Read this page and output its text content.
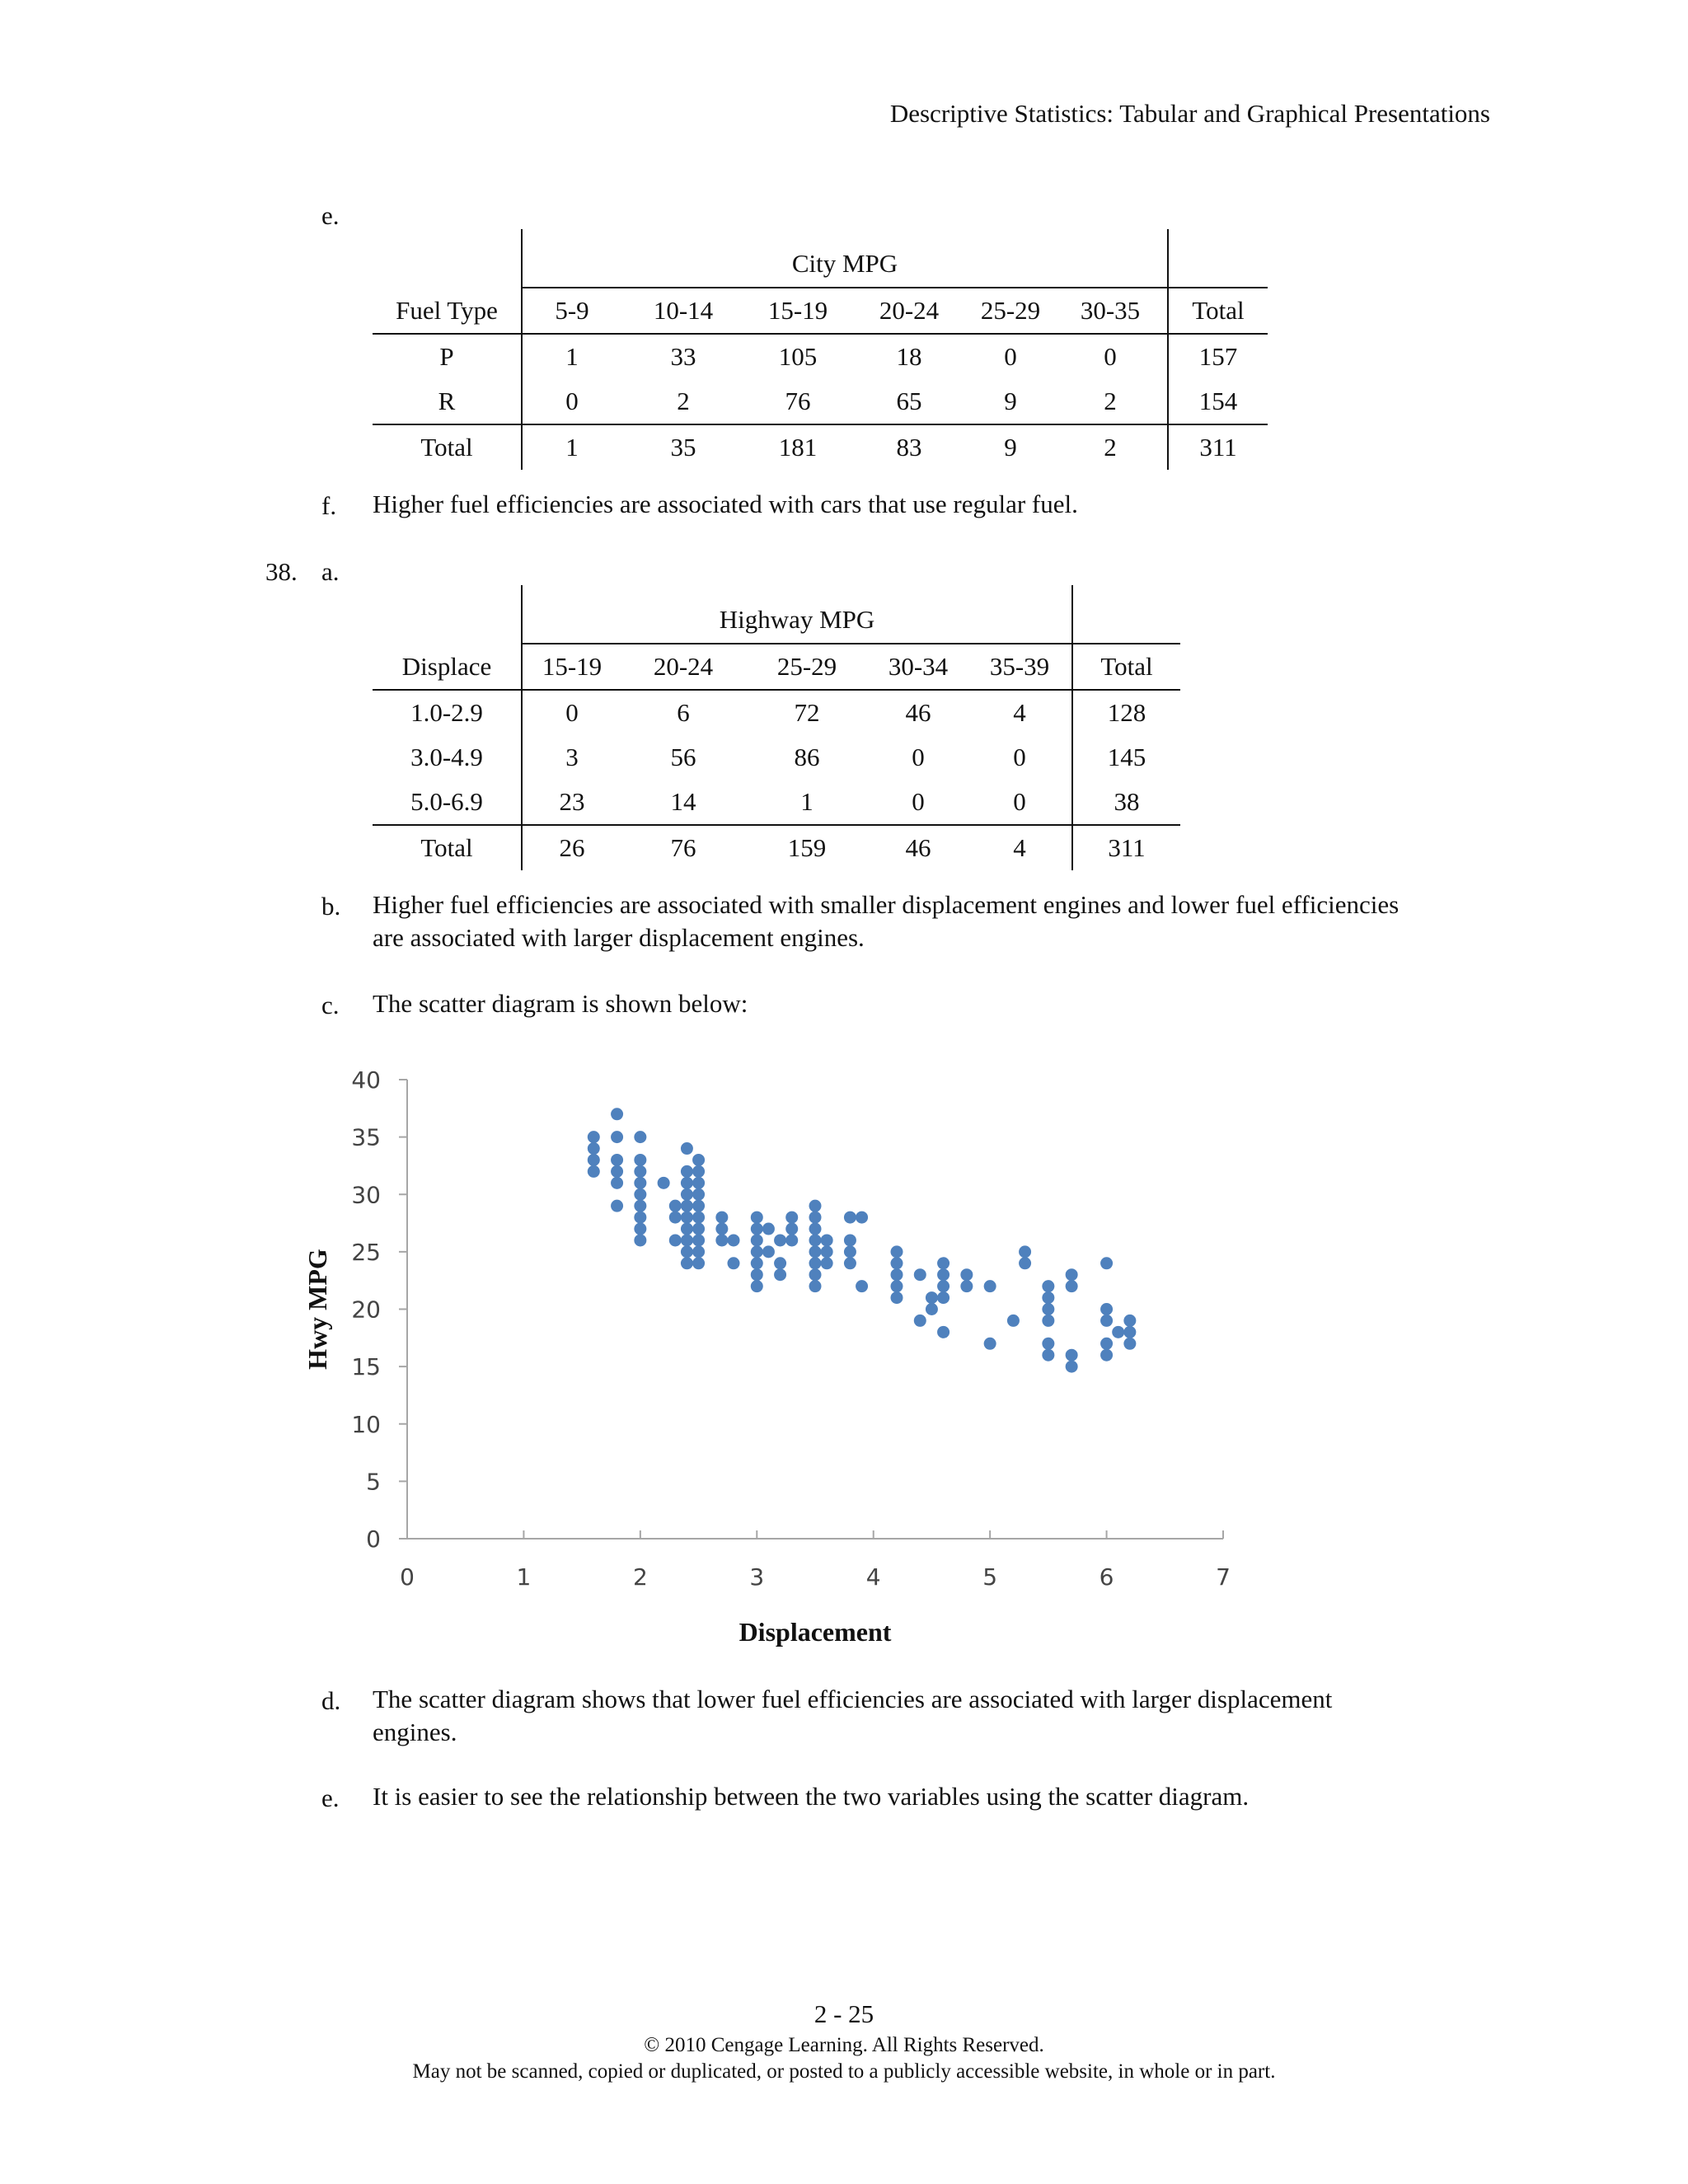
Descriptive Statistics: Tabular and Graphical Presentations
e.
	City MPG						
Fuel Type	5-9	10-14	15-19	20-24	25-29	30-35	Total
P	1	33	105	18	0	0	157
R	0	2	76	65	9	2	154
Total	1	35	181	83	9	2	311
f. Higher fuel efficiencies are associated with cars that use regular fuel.
38. a.
	Highway MPG					
Displace	15-19	20-24	25-29	30-34	35-39	Total
1.0-2.9	0	6	72	46	4	128
3.0-4.9	3	56	86	0	0	145
5.0-6.9	23	14	1	0	0	38
Total	26	76	159	46	4	311
b. Higher fuel efficiencies are associated with smaller displacement engines and lower fuel efficiencies
are associated with larger displacement engines.
c. The scatter diagram is shown below:
0	1	2	3	4	5	6	7
0
5
10
15
20
25
30
35
40
Displacement
Hwy MPG
d. The scatter diagram shows that lower fuel efficiencies are associated with larger displacement
engines.
e. It is easier to see the relationship between the two variables using the scatter diagram.
2 - 25
© 2010 Cengage Learning. All Rights Reserved.
May not be scanned, copied or duplicated, or posted to a publicly accessible website, in whole or in part.
